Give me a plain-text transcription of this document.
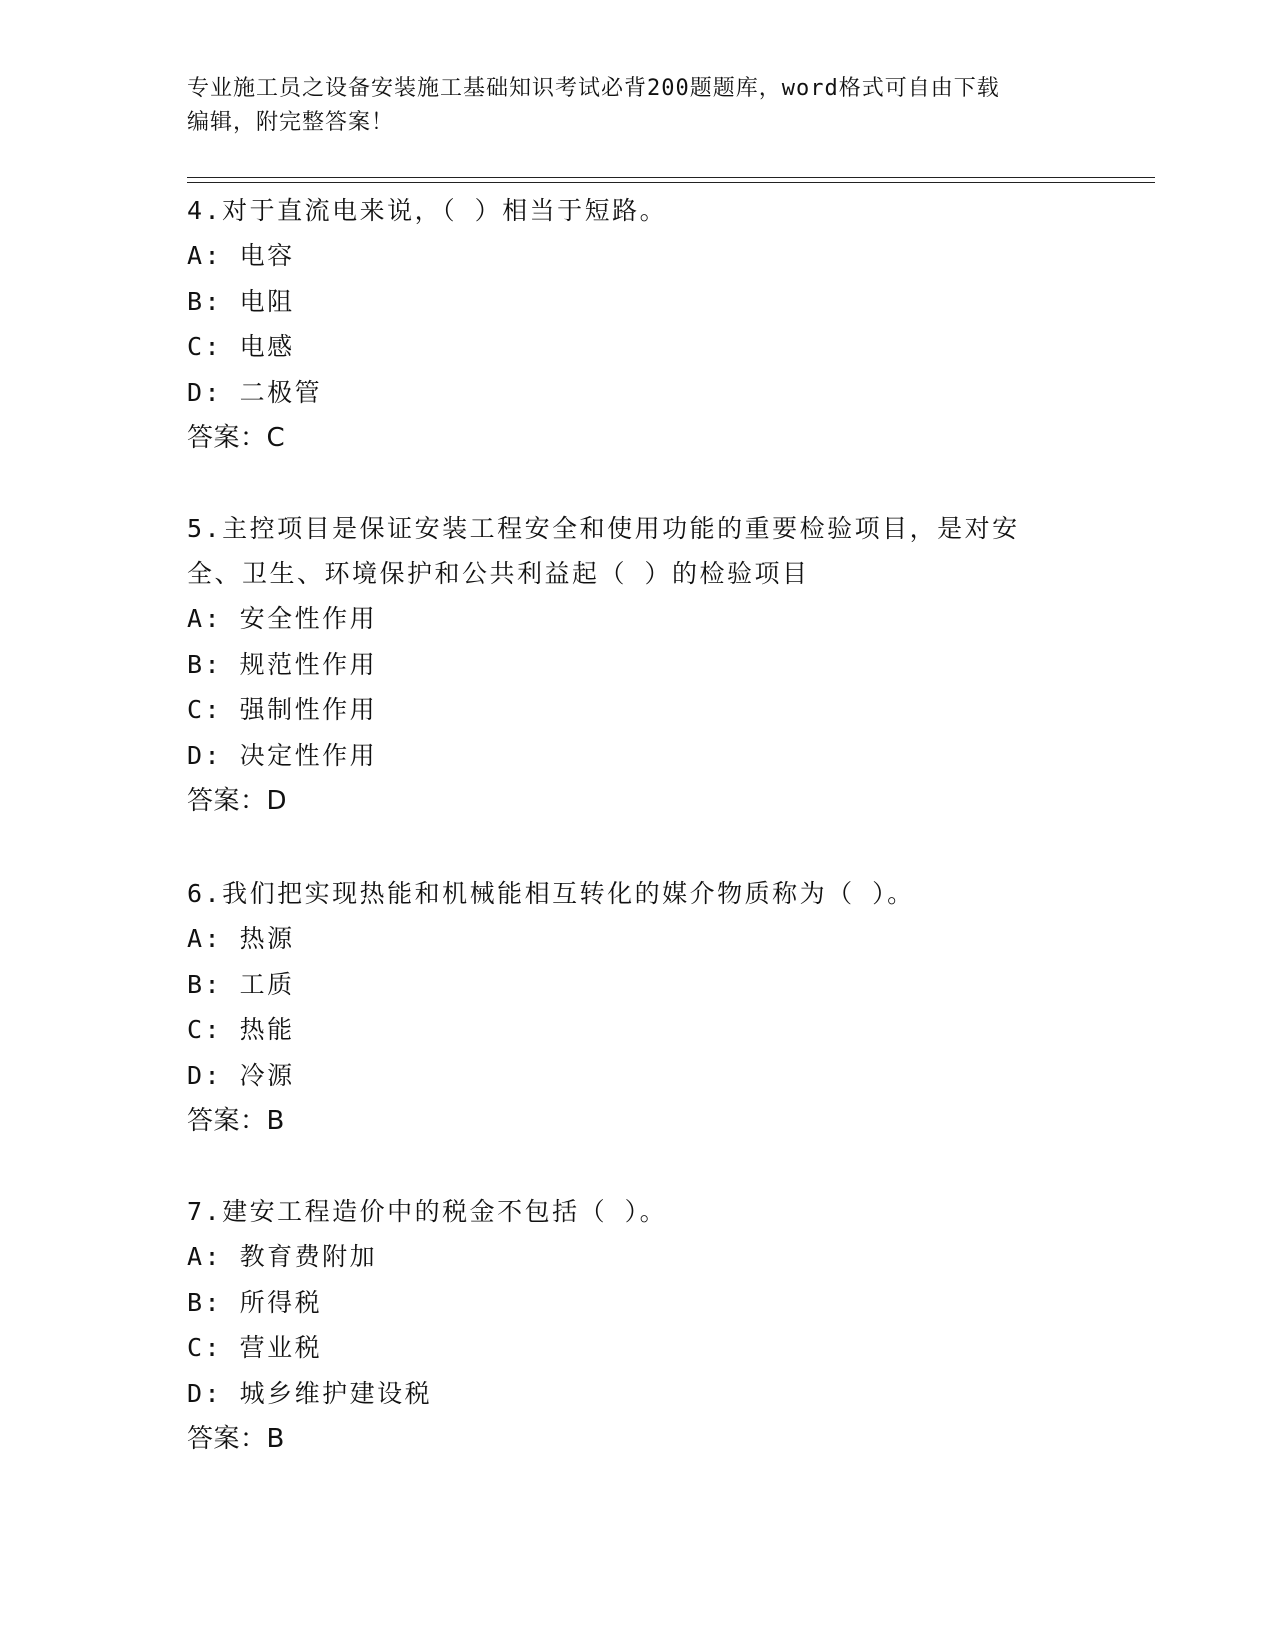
专业施工员之设备安装施工基础知识考试必背200题题库，word格式可自由下载
编辑，附完整答案！

4.对于直流电来说，（ ）相当于短路。

A: 电容

B: 电阻

C: 电感

D: 二极管

答案：C

5.主控项目是保证安装工程安全和使用功能的重要检验项目，是对安

全、卫生、环境保护和公共利益起（ ）的检验项目

A: 安全性作用

B: 规范性作用

C: 强制性作用

D: 决定性作用

答案：D

6.我们把实现热能和机械能相互转化的媒介物质称为（ ）。

A: 热源

B: 工质

C: 热能

D: 冷源

答案：B

7.建安工程造价中的税金不包括（ ）。

A: 教育费附加

B: 所得税

C: 营业税

D: 城乡维护建设税

答案：B
